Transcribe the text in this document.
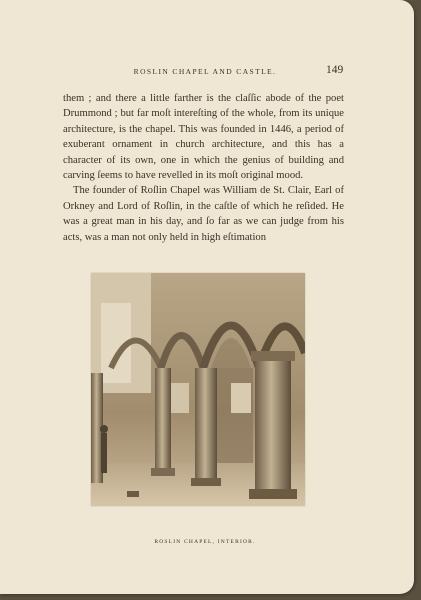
ROSLIN CHAPEL AND CASTLE.	149

them ; and there a little farther is the claſſic abode of the poet Drummond ; but far moſt intereſting of the whole, from its unique architecture, is the chapel. This was founded in 1446, a period of exuberant ornament in church architecture, and this has a character of its own, one in which the genius of building and carving ſeems to have revelled in its moſt original mood.

The founder of Roſlin Chapel was William de St. Clair, Earl of Orkney and Lord of Roſlin, in the caſtle of which he reſided. He was a great man in his day, and ſo far as we can judge from his acts, was a man not only held in high eſtimation

ROSLIN CHAPEL, INTERIOR.
